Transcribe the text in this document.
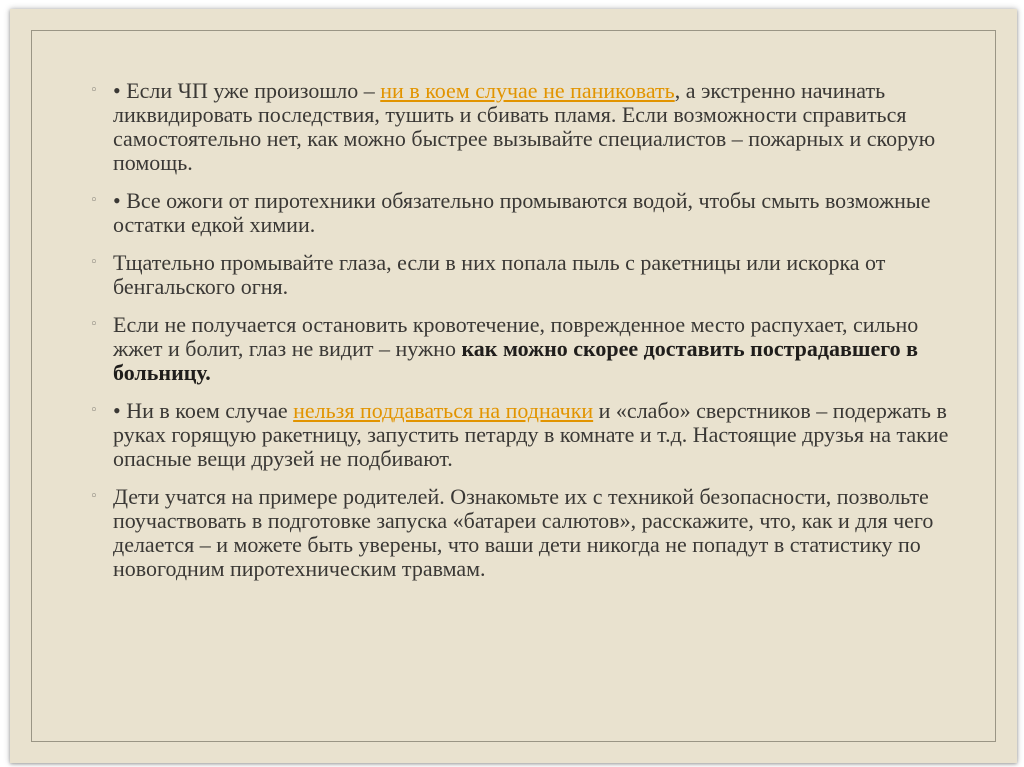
◦ • Если ЧП уже произошло – ни в коем случае не паниковать, а экстренно начинать ликвидировать последствия, тушить и сбивать пламя. Если возможности справиться самостоятельно нет, как можно быстрее вызывайте специалистов – пожарных и скорую помощь.

◦ • Все ожоги от пиротехники обязательно промываются водой, чтобы смыть возможные остатки едкой химии.

◦ Тщательно промывайте глаза, если в них попала пыль с ракетницы или искорка от бенгальского огня.

◦ Если не получается остановить кровотечение, поврежденное место распухает, сильно жжет и болит, глаз не видит – нужно как можно скорее доставить пострадавшего в больницу.

◦ • Ни в коем случае нельзя поддаваться на подначки и «слабо» сверстников – подержать в руках горящую ракетницу, запустить петарду в комнате и т.д. Настоящие друзья на такие опасные вещи друзей не подбивают.

◦ Дети учатся на примере родителей. Ознакомьте их с техникой безопасности, позвольте поучаствовать в подготовке запуска «батареи салютов», расскажите, что, как и для чего делается – и можете быть уверены, что ваши дети никогда не попадут в статистику по новогодним пиротехническим травмам.
